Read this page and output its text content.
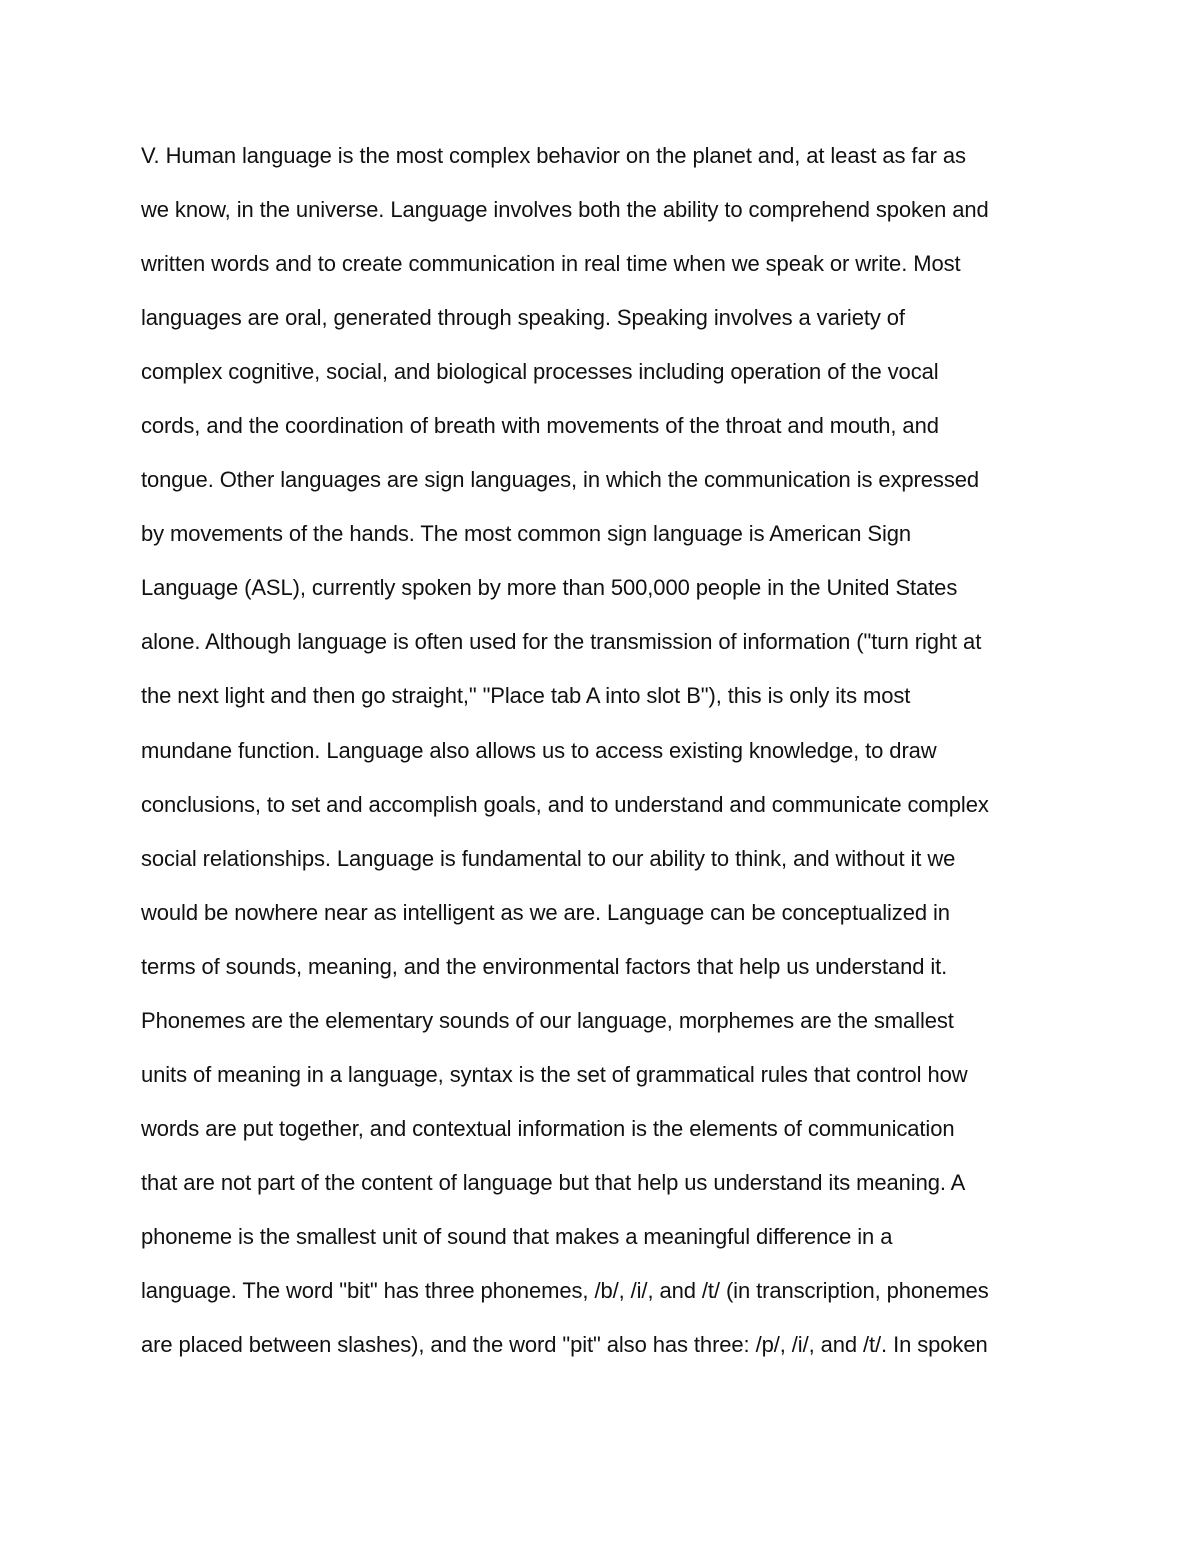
V. Human language is the most complex behavior on the planet and, at least as far as
we know, in the universe. Language involves both the ability to comprehend spoken and
written words and to create communication in real time when we speak or write. Most
languages are oral, generated through speaking. Speaking involves a variety of
complex cognitive, social, and biological processes including operation of the vocal
cords, and the coordination of breath with movements of the throat and mouth, and
tongue. Other languages are sign languages, in which the communication is expressed
by movements of the hands. The most common sign language is American Sign
Language (ASL), currently spoken by more than 500,000 people in the United States
alone. Although language is often used for the transmission of information ("turn right at
the next light and then go straight," "Place tab A into slot B"), this is only its most
mundane function. Language also allows us to access existing knowledge, to draw
conclusions, to set and accomplish goals, and to understand and communicate complex
social relationships. Language is fundamental to our ability to think, and without it we
would be nowhere near as intelligent as we are. Language can be conceptualized in
terms of sounds, meaning, and the environmental factors that help us understand it.
Phonemes are the elementary sounds of our language, morphemes are the smallest
units of meaning in a language, syntax is the set of grammatical rules that control how
words are put together, and contextual information is the elements of communication
that are not part of the content of language but that help us understand its meaning. A
phoneme is the smallest unit of sound that makes a meaningful difference in a
language. The word "bit" has three phonemes, /b/, /i/, and /t/ (in transcription, phonemes
are placed between slashes), and the word "pit" also has three: /p/, /i/, and /t/. In spoken
